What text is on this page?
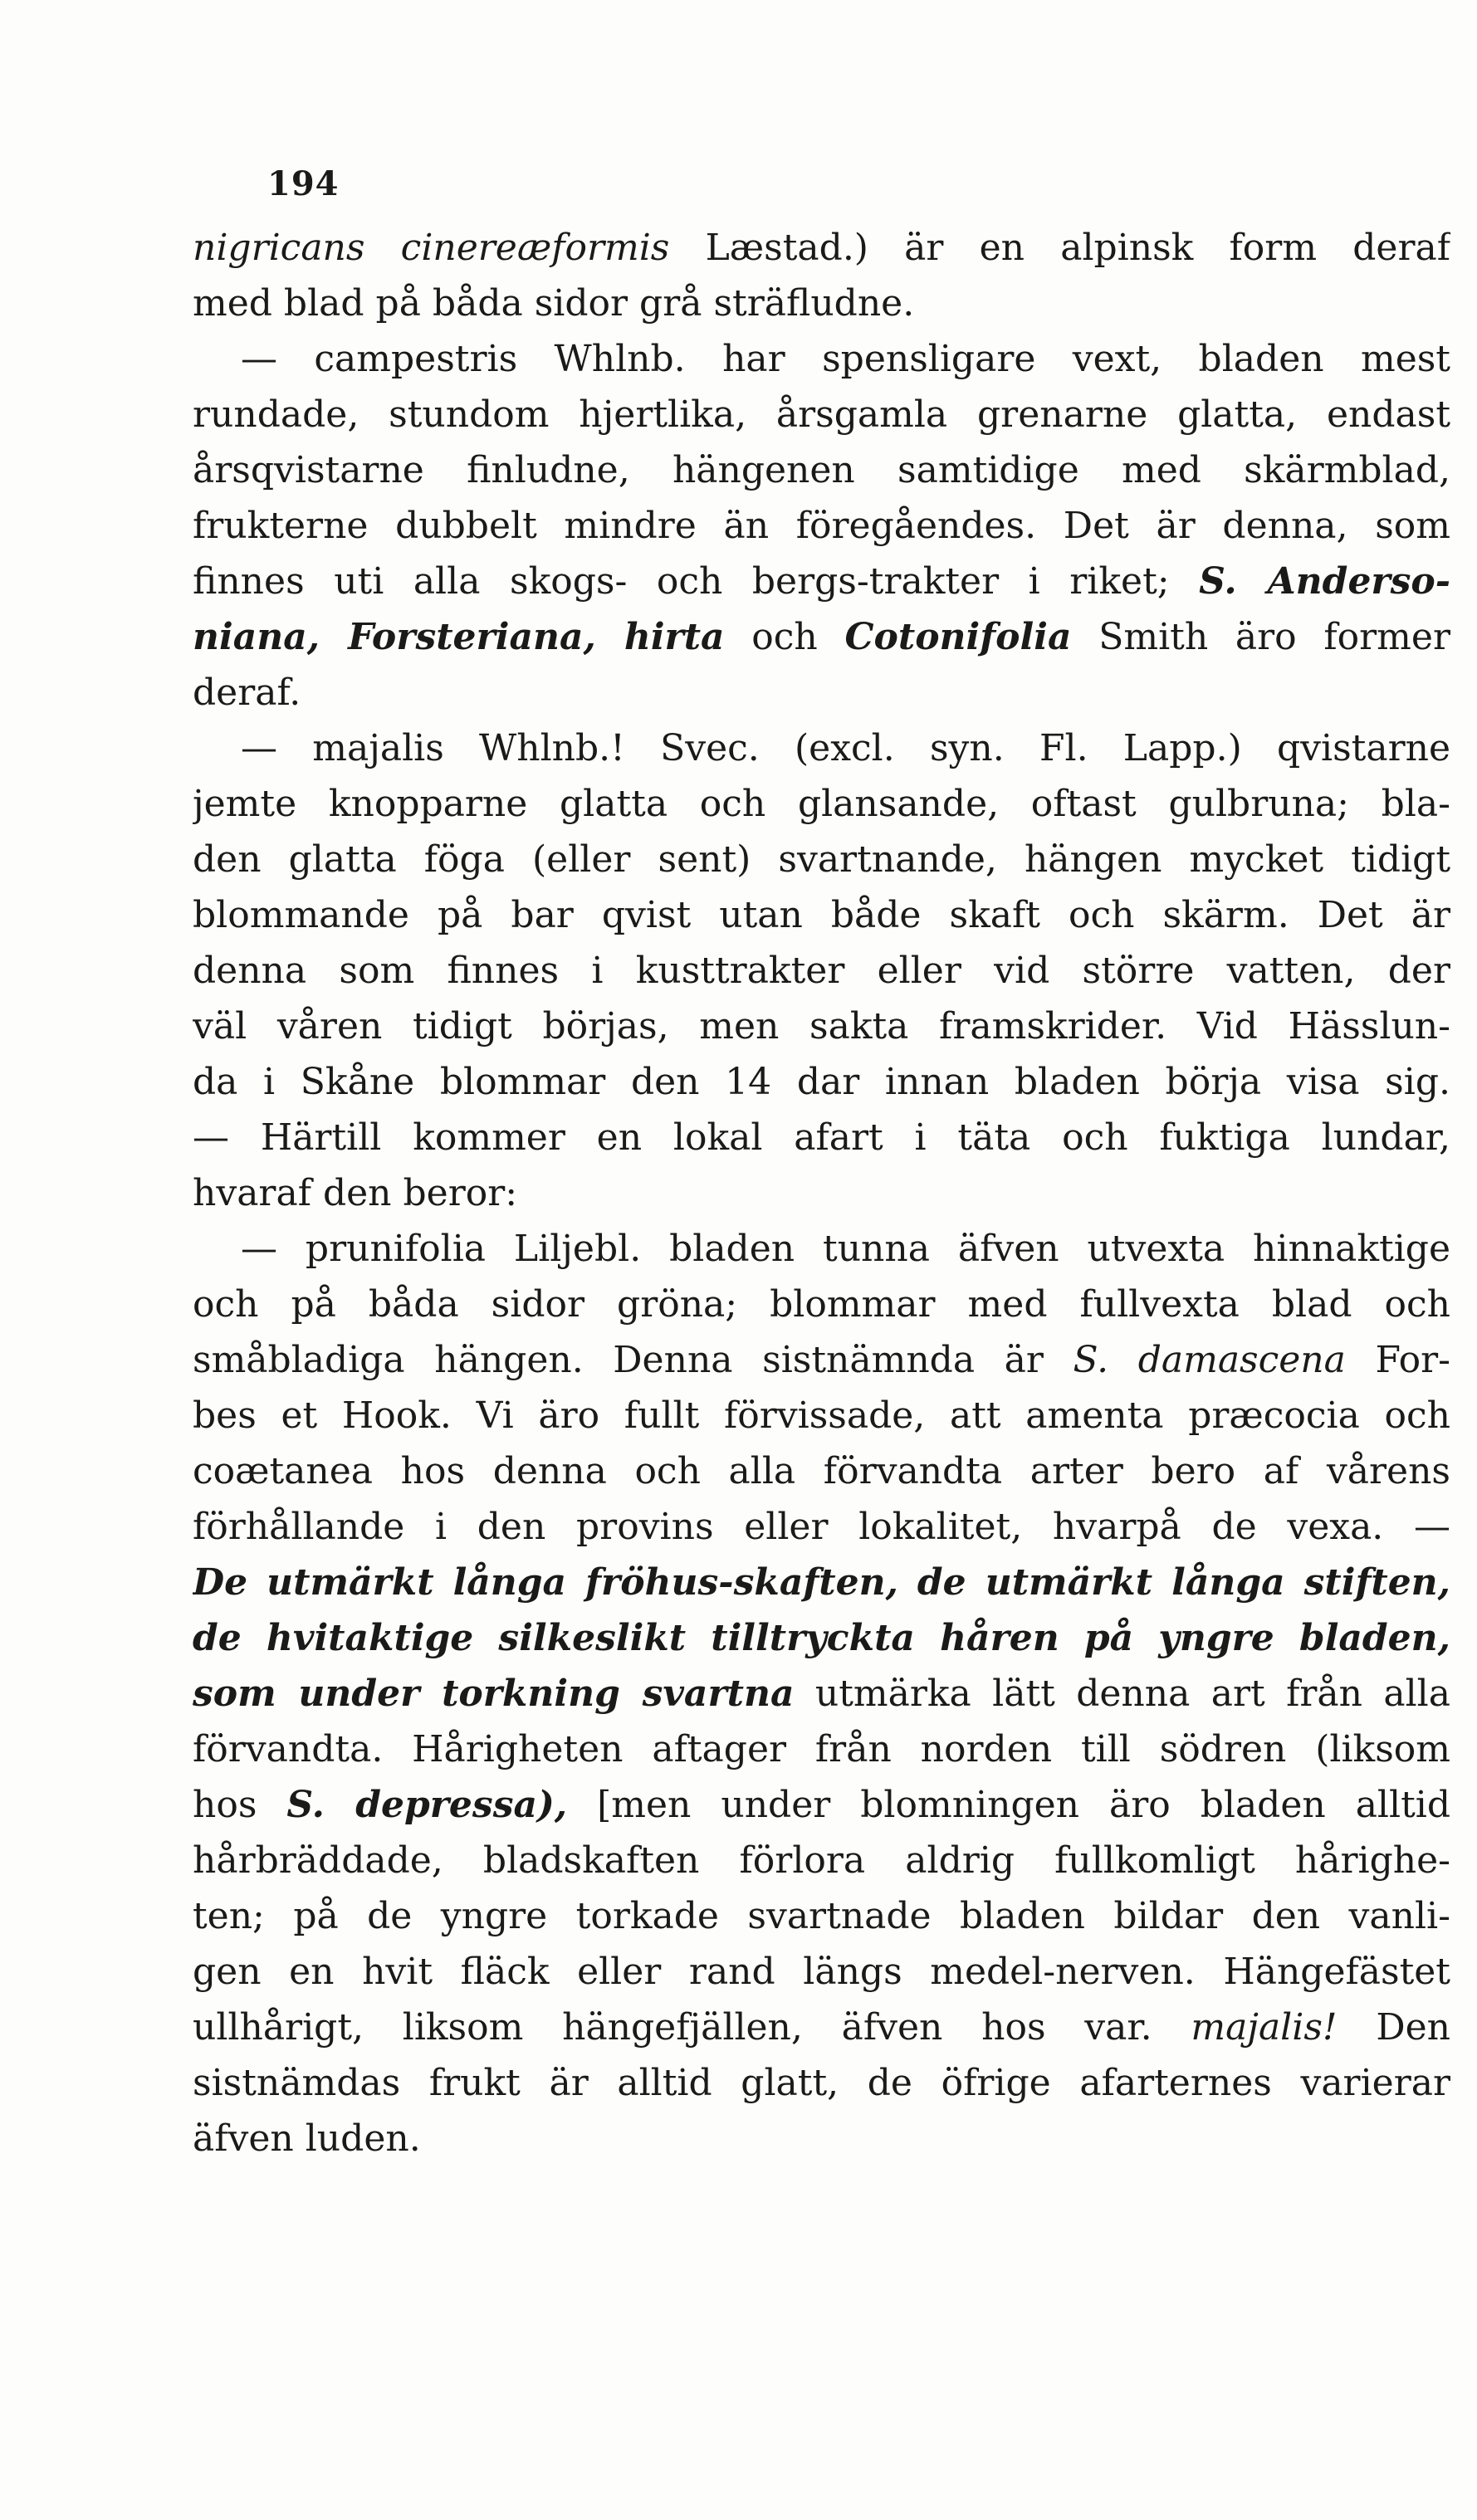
194
nigricans cinereæformis Læstad.) är en alpinsk form deraf
med blad på båda sidor grå sträfludne.
— campestris Whlnb. har spensligare vext, bladen mest
rundade, stundom hjertlika, årsgamla grenarne glatta, endast
årsqvistarne finludne, hängenen samtidige med skärmblad,
frukterne dubbelt mindre än föregåendes. Det är denna, som
finnes uti alla skogs- och bergs-trakter i riket; S. Anderso-
niana, Forsteriana, hirta och Cotonifolia Smith äro former
deraf.
— majalis Whlnb.! Svec. (excl. syn. Fl. Lapp.) qvistarne
jemte knopparne glatta och glansande, oftast gulbruna; bla-
den glatta föga (eller sent) svartnande, hängen mycket tidigt
blommande på bar qvist utan både skaft och skärm. Det är
denna som finnes i kusttrakter eller vid större vatten, der
väl våren tidigt börjas, men sakta framskrider. Vid Hässlun-
da i Skåne blommar den 14 dar innan bladen börja visa sig.
— Härtill kommer en lokal afart i täta och fuktiga lundar,
hvaraf den beror:
— prunifolia Liljebl. bladen tunna äfven utvexta hinnaktige
och på båda sidor gröna; blommar med fullvexta blad och
småbladiga hängen. Denna sistnämnda är S. damascena For-
bes et Hook. Vi äro fullt förvissade, att amenta præcocia och
coætanea hos denna och alla förvandta arter bero af vårens
förhållande i den provins eller lokalitet, hvarpå de vexa. —
De utmärkt långa fröhus-skaften, de utmärkt långa stiften,
de hvitaktige silkeslikt tilltryckta håren på yngre bladen,
som under torkning svartna utmärka lätt denna art från alla
förvandta. Hårigheten aftager från norden till södren (liksom
hos S. depressa), [men under blomningen äro bladen alltid
hårbräddade, bladskaften förlora aldrig fullkomligt hårighe-
ten; på de yngre torkade svartnade bladen bildar den vanli-
gen en hvit fläck eller rand längs medel-nerven. Hängefästet
ullhårigt, liksom hängefjällen, äfven hos var. majalis! Den
sistnämdas frukt är alltid glatt, de öfrige afarternes varierar
äfven luden.
